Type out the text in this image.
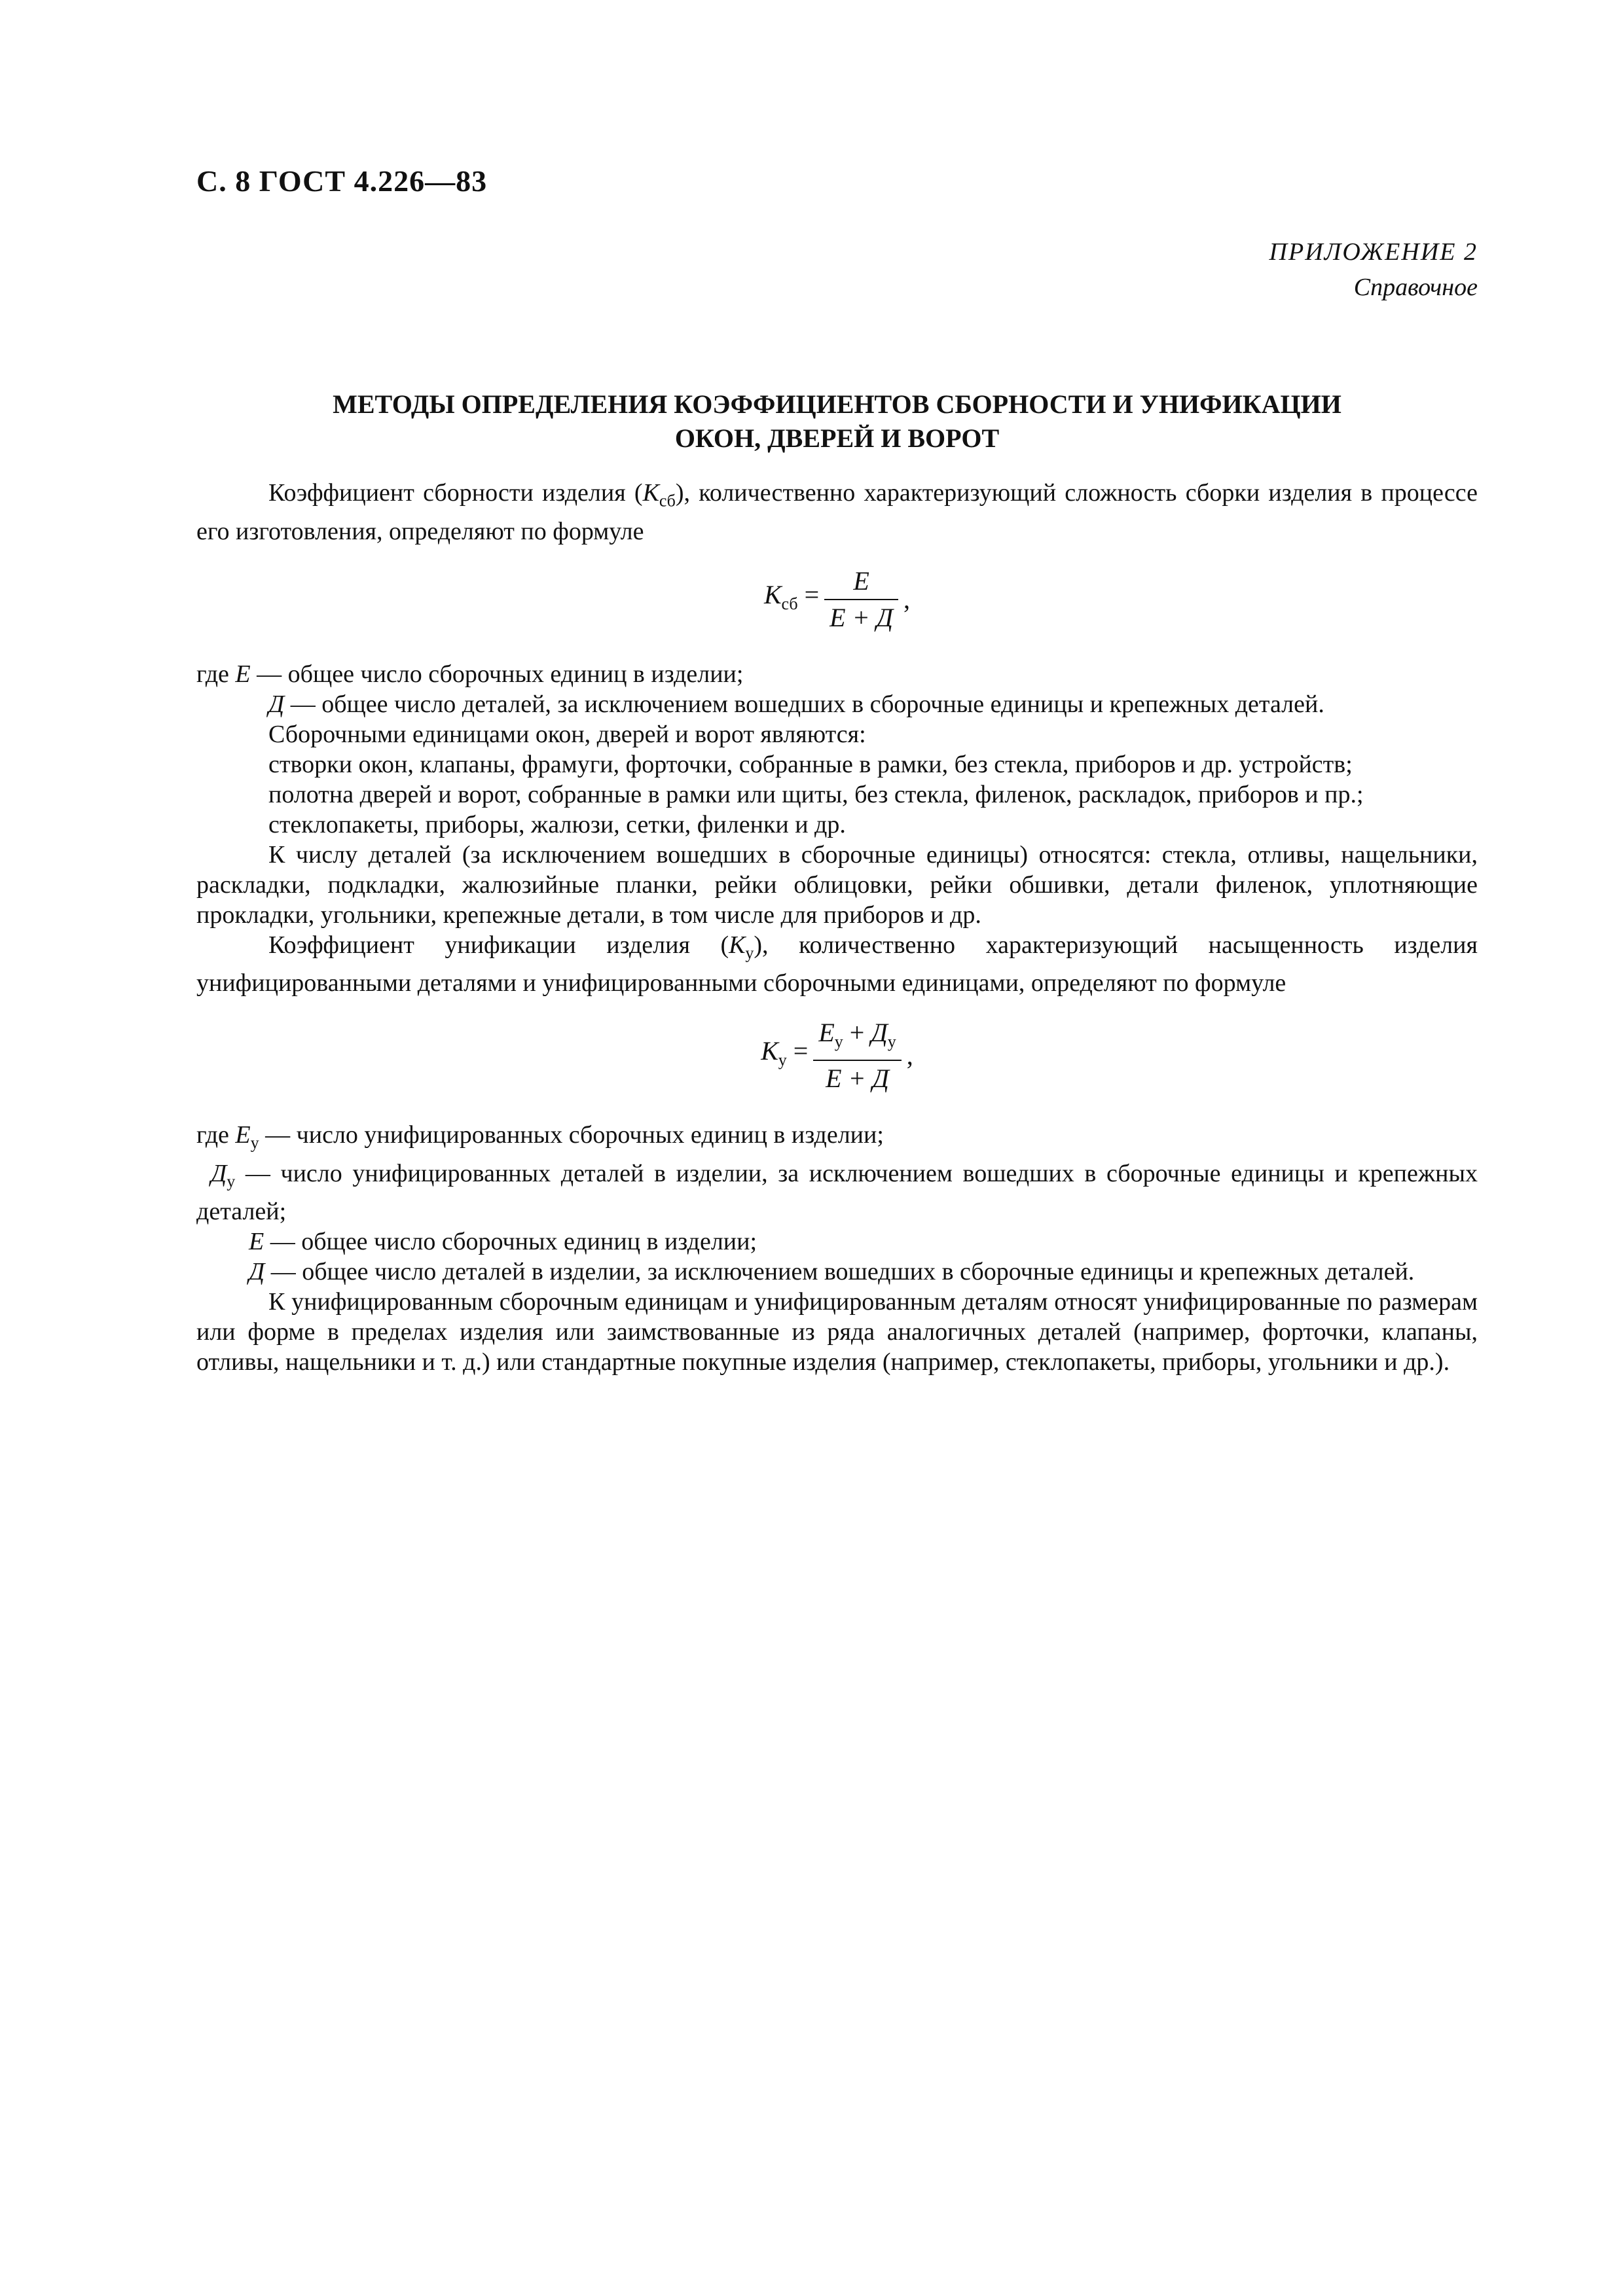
С. 8 ГОСТ 4.226—83
ПРИЛОЖЕНИЕ 2
Справочное
МЕТОДЫ ОПРЕДЕЛЕНИЯ КОЭФФИЦИЕНТОВ СБОРНОСТИ И УНИФИКАЦИИ
ОКОН, ДВЕРЕЙ И ВОРОТ

Коэффициент сборности изделия $(К_{сб})$, количественно характеризующий сложность сборки изделия в процессе его изготовления, определяют по формуле

$К_{сб} = \frac{Е}{Е + Д}$ ,

где Е — общее число сборочных единиц в изделии;

Д — общее число деталей, за исключением вошедших в сборочные единицы и крепежных деталей.

Сборочными единицами окон, дверей и ворот являются:

створки окон, клапаны, фрамуги, форточки, собранные в рамки, без стекла, приборов и др. устройств;

полотна дверей и ворот, собранные в рамки или щиты, без стекла, филенок, раскладок, приборов и пр.;

стеклопакеты, приборы, жалюзи, сетки, филенки и др.

К числу деталей (за исключением вошедших в сборочные единицы) относятся: стекла, отливы, нащельники, раскладки, подкладки, жалюзийные планки, рейки облицовки, рейки обшивки, детали филенок, уплотняющие прокладки, угольники, крепежные детали, в том числе для приборов и др.

Коэффициент унификации изделия $(К_у)$, количественно характеризующий насыщенность изделия унифицированными деталями и унифицированными сборочными единицами, определяют по формуле

$К_у = \frac{Е_у + Д_у}{Е + Д}$ ,

где $Е_у$ — число унифицированных сборочных единиц в изделии;

$Д_у$ — число унифицированных деталей в изделии, за исключением вошедших в сборочные единицы и крепежных деталей;

Е — общее число сборочных единиц в изделии;

Д — общее число деталей в изделии, за исключением вошедших в сборочные единицы и крепежных деталей.

К унифицированным сборочным единицам и унифицированным деталям относят унифицированные по размерам или форме в пределах изделия или заимствованные из ряда аналогичных деталей (например, форточки, клапаны, отливы, нащельники и т. д.) или стандартные покупные изделия (например, стеклопакеты, приборы, угольники и др.).
